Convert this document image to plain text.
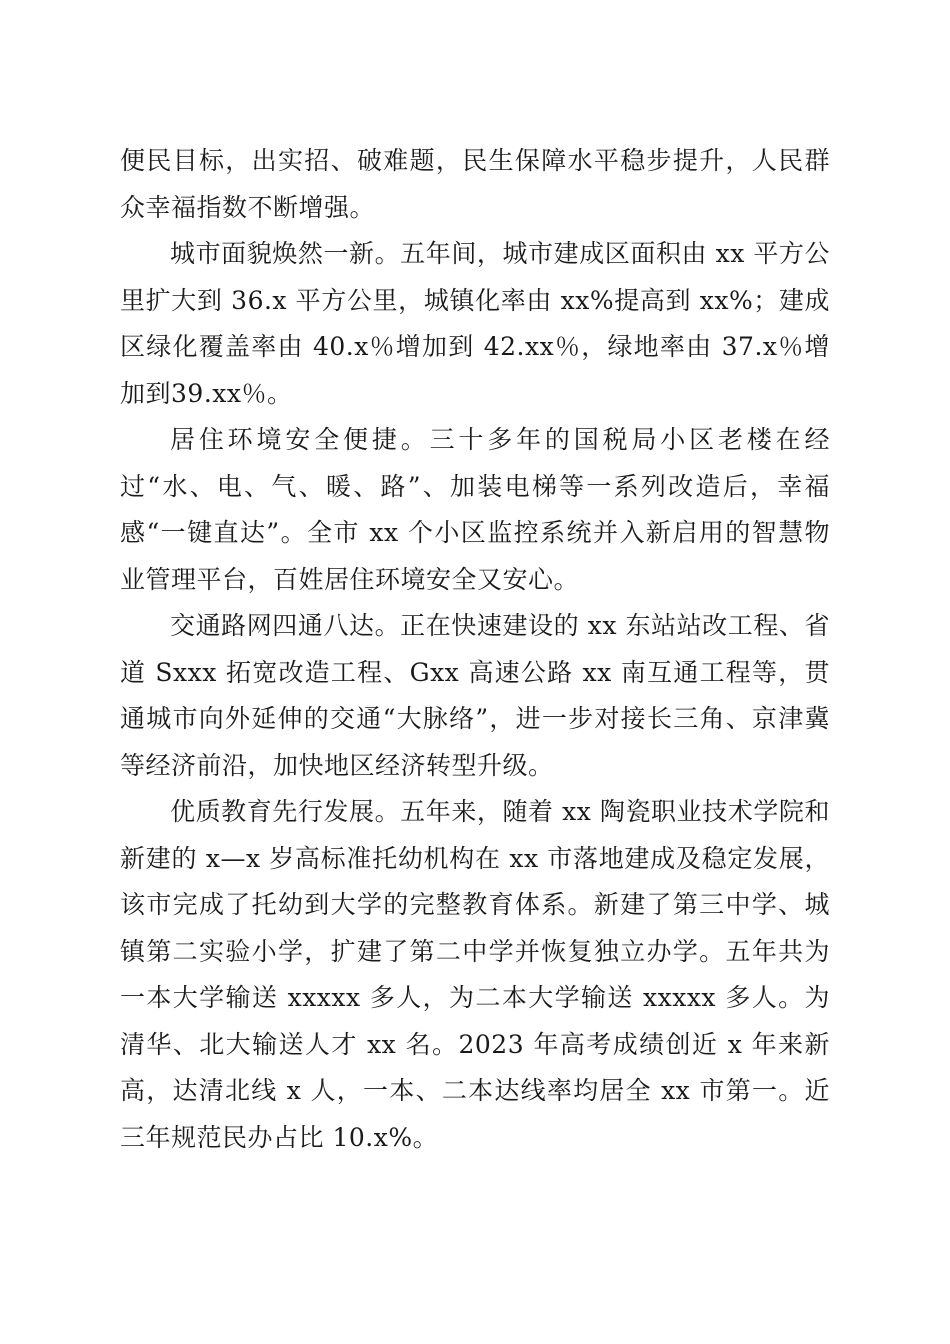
便民目标，出实招、破难题，民生保障水平稳步提升，人民群众幸福指数不断增强。

城市面貌焕然一新。五年间，城市建成区面积由 xx 平方公里扩大到 36.x 平方公里，城镇化率由 xx%提高到 xx%；建成区绿化覆盖率由 40.x％增加到 42.xx％，绿地率由 37.x％增加到39.xx％。

居住环境安全便捷。三十多年的国税局小区老楼在经过“水、电、气、暖、路”、加装电梯等一系列改造后，幸福感“一键直达”。全市 xx 个小区监控系统并入新启用的智慧物业管理平台，百姓居住环境安全又安心。

交通路网四通八达。正在快速建设的 xx 东站站改工程、省道 Sxxx 拓宽改造工程、Gxx 高速公路 xx 南互通工程等，贯通城市向外延伸的交通“大脉络”，进一步对接长三角、京津冀等经济前沿，加快地区经济转型升级。

优质教育先行发展。五年来，随着 xx 陶瓷职业技术学院和新建的 x—x 岁高标准托幼机构在 xx 市落地建成及稳定发展，该市完成了托幼到大学的完整教育体系。新建了第三中学、城镇第二实验小学，扩建了第二中学并恢复独立办学。五年共为一本大学输送 xxxxx 多人，为二本大学输送 xxxxx 多人。为清华、北大输送人才 xx 名。2023 年高考成绩创近 x 年来新高，达清北线 x 人，一本、二本达线率均居全 xx 市第一。近三年规范民办占比 10.x%。
